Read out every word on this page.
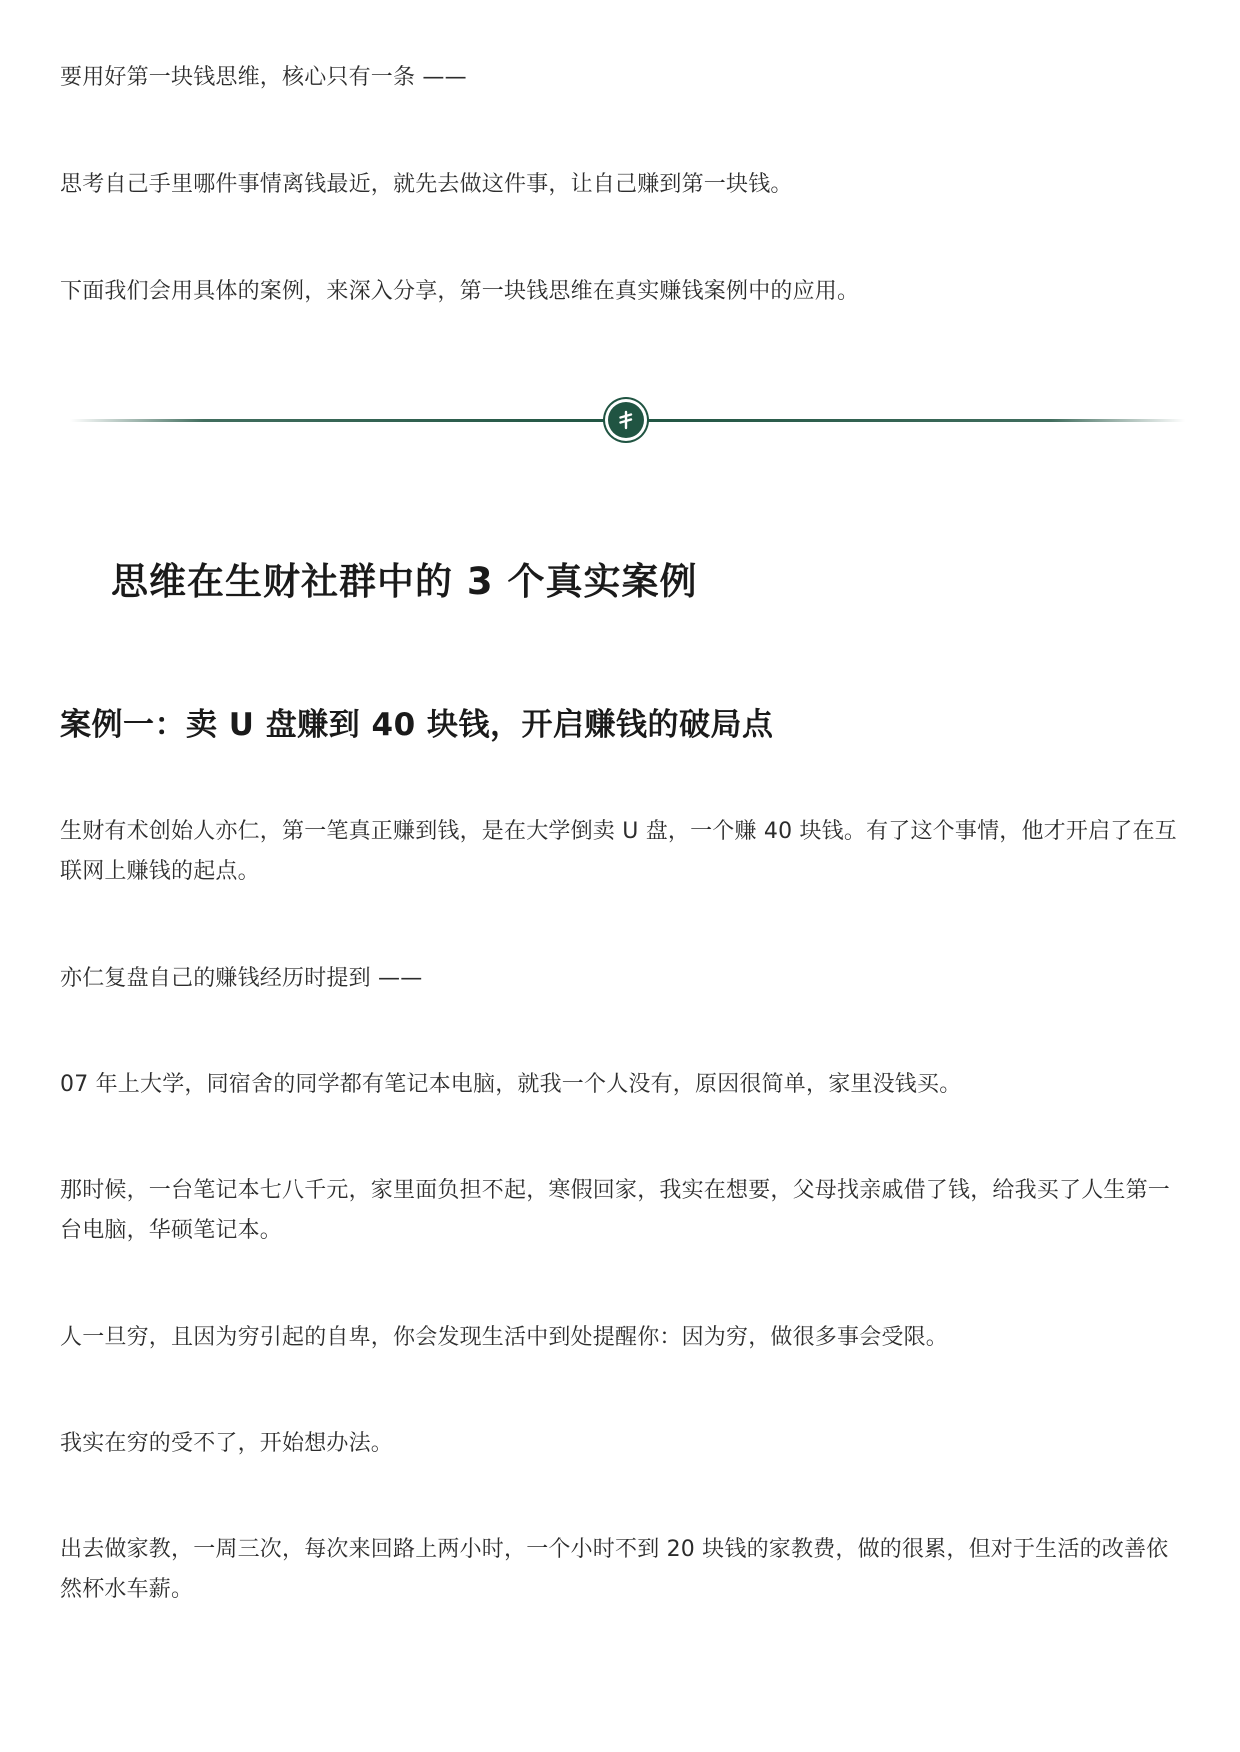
要用好第一块钱思维，核心只有一条 ——

思考自己手里哪件事情离钱最近，就先去做这件事，让自己赚到第一块钱。

下面我们会用具体的案例，来深入分享，第一块钱思维在真实赚钱案例中的应用。

思维在生财社群中的 3 个真实案例
案例一：卖 U 盘赚到 40 块钱，开启赚钱的破局点

生财有术创始人亦仁，第一笔真正赚到钱，是在大学倒卖 U 盘，一个赚 40 块钱。有了这个事情，他才开启了在互联网上赚钱的起点。

亦仁复盘自己的赚钱经历时提到 ——

07 年上大学，同宿舍的同学都有笔记本电脑，就我一个人没有，原因很简单，家里没钱买。

那时候，一台笔记本七八千元，家里面负担不起，寒假回家，我实在想要，父母找亲戚借了钱，给我买了人生第一台电脑，华硕笔记本。

人一旦穷，且因为穷引起的自卑，你会发现生活中到处提醒你：因为穷，做很多事会受限。

我实在穷的受不了，开始想办法。

出去做家教，一周三次，每次来回路上两小时，一个小时不到 20 块钱的家教费，做的很累，但对于生活的改善依然杯水车薪。
